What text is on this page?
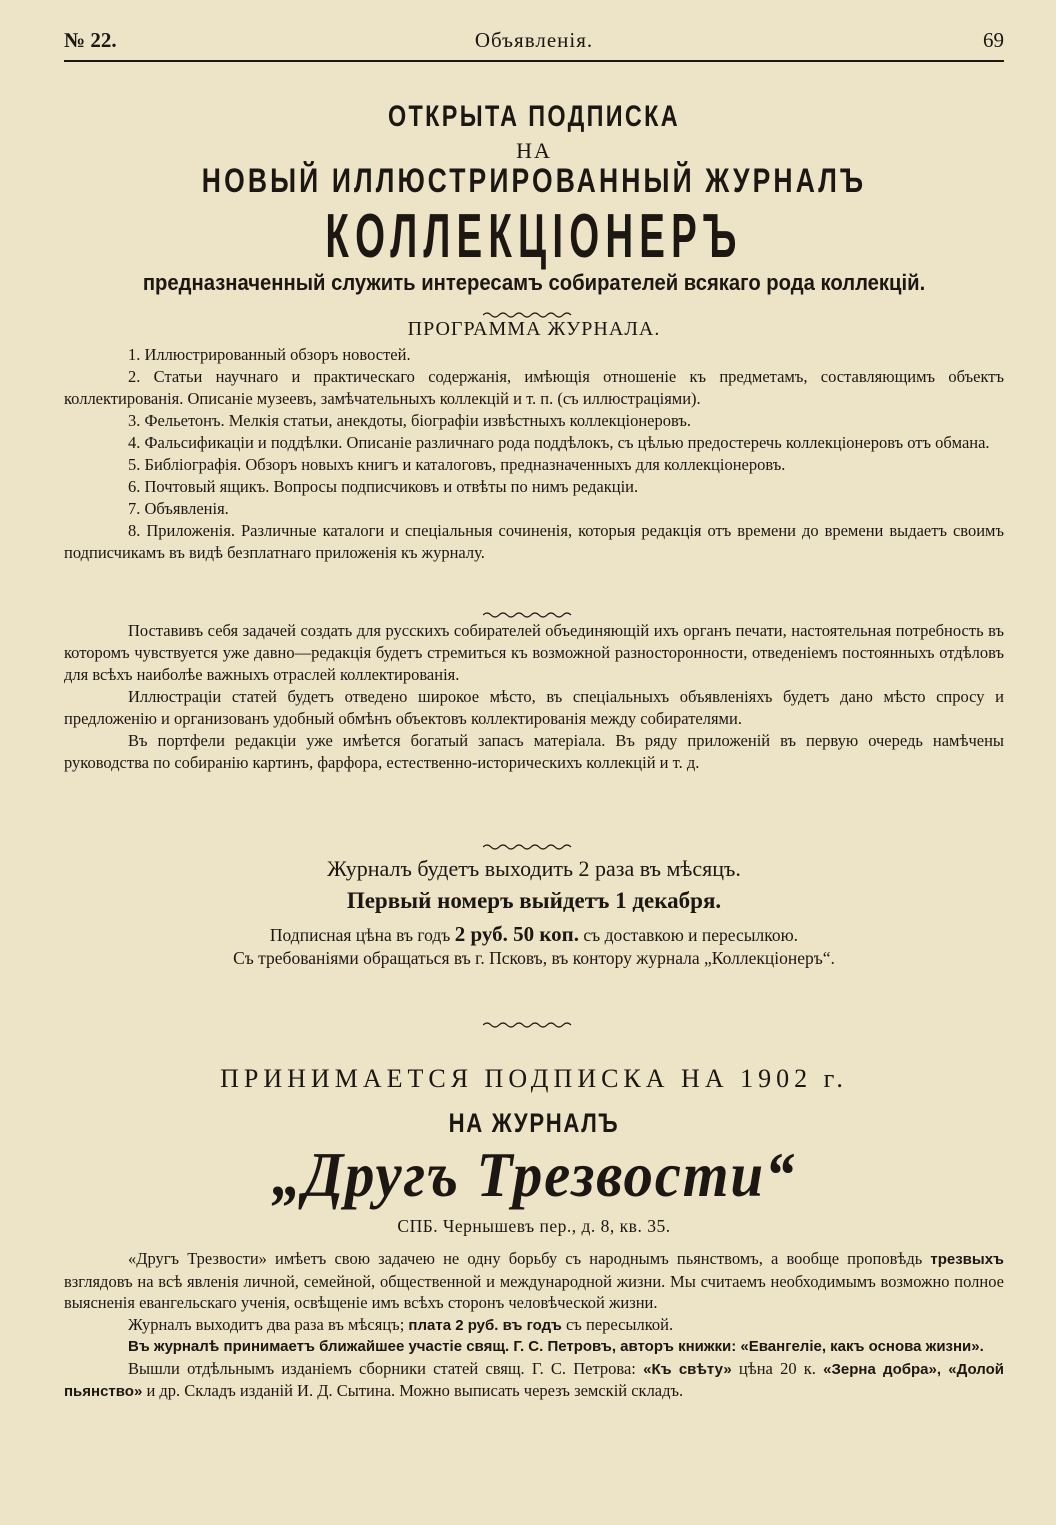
№ 22.	Объявленія.	69
ОТКРЫТА ПОДПИСКА
НА
НОВЫЙ ИЛЛЮСТРИРОВАННЫЙ ЖУРНАЛЪ
КОЛЛЕКЦІОНЕРЪ
предназначенный служить интересамъ собирателей всякаго рода коллекцій.
ПРОГРАММА ЖУРНАЛА.

1. Иллюстрированный обзоръ новостей.

2. Статьи научнаго и практическаго содержанія, имѣющія отношеніе къ предметамъ, составляющимъ объектъ коллектированія. Описаніе музеевъ, замѣчательныхъ коллекцій и т. п. (съ иллюстраціями).

3. Фельетонъ. Мелкія статьи, анекдоты, біографіи извѣстныхъ коллекціонеровъ.

4. Фальсификаціи и поддѣлки. Описаніе различнаго рода поддѣлокъ, съ цѣлью предостеречь коллекціонеровъ отъ обмана.

5. Библіографія. Обзоръ новыхъ книгъ и каталоговъ, предназначенныхъ для коллекціонеровъ.

6. Почтовый ящикъ. Вопросы подписчиковъ и отвѣты по нимъ редакціи.

7. Объявленія.

8. Приложенія. Различные каталоги и спеціальныя сочиненія, которыя редакція отъ времени до времени выдаетъ своимъ подписчикамъ въ видѣ безплатнаго приложенія къ журналу.

Поставивъ себя задачей создать для русскихъ собирателей объединяющій ихъ органъ печати, настоятельная потребность въ которомъ чувствуется уже давно—редакція будетъ стремиться къ возможной разносторонности, отведеніемъ постоянныхъ отдѣловъ для всѣхъ наиболѣе важныхъ отраслей коллектированія.

Иллюстраціи статей будетъ отведено широкое мѣсто, въ спеціальныхъ объявленіяхъ будетъ дано мѣсто спросу и предложенію и организованъ удобный обмѣнъ объектовъ коллектированія между собирателями.

Въ портфели редакціи уже имѣется богатый запасъ матеріала. Въ ряду приложеній въ первую очередь намѣчены руководства по собиранію картинъ, фарфора, естественно-историческихъ коллекцій и т. д.

Журналъ будетъ выходить 2 раза въ мѣсяцъ.
Первый номеръ выйдетъ 1 декабря.
Подписная цѣна въ годъ 2 руб. 50 коп. съ доставкою и пересылкою.
Съ требованіями обращаться въ г. Псковъ, въ контору журнала „Коллекціонеръ“.
ПРИНИМАЕТСЯ ПОДПИСКА НА 1902 г.
НА ЖУРНАЛЪ
„Другъ Трезвости“
СПБ. Чернышевъ пер., д. 8, кв. 35.

«Другъ Трезвости» имѣетъ свою задачею не одну борьбу съ народнымъ пьянствомъ, а вообще проповѣдь трезвыхъ взглядовъ на всѣ явленія личной, семейной, общественной и международной жизни. Мы считаемъ необходимымъ возможно полное выясненія евангельскаго ученія, освѣщеніе имъ всѣхъ сторонъ человѣческой жизни.

Журналъ выходитъ два раза въ мѣсяцъ; плата 2 руб. въ годъ съ пересылкой.

Въ журналѣ принимаетъ ближайшее участіе свящ. Г. С. Петровъ, авторъ книжки: «Евангеліе, какъ основа жизни».

Вышли отдѣльнымъ изданіемъ сборники статей свящ. Г. С. Петрова: «Къ свѣту» цѣна 20 к. «Зерна добра», «Долой пьянство» и др. Складъ изданій И. Д. Сытина. Можно выписать черезъ земскій складъ.
